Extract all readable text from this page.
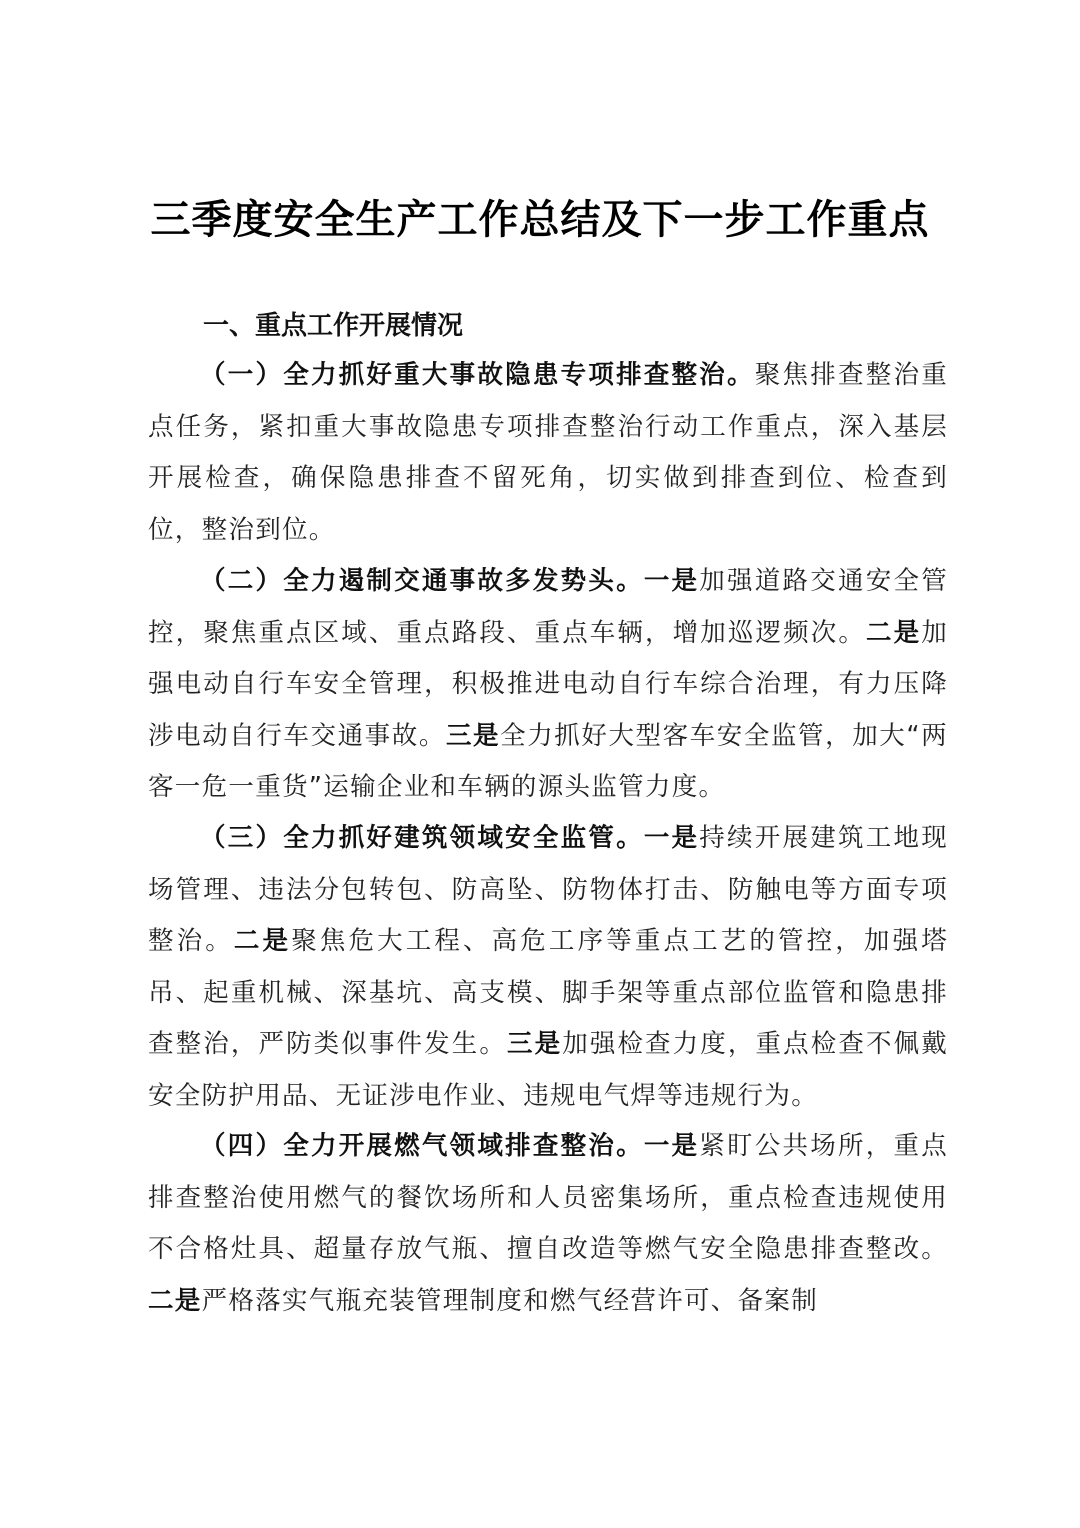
三季度安全生产工作总结及下一步工作重点
一、重点工作开展情况

（一）全力抓好重大事故隐患专项排查整治。聚焦排查整治重点任务，紧扣重大事故隐患专项排查整治行动工作重点，深入基层开展检查，确保隐患排查不留死角，切实做到排查到位、检查到位，整治到位。

（二）全力遏制交通事故多发势头。一是加强道路交通安全管控，聚焦重点区域、重点路段、重点车辆，增加巡逻频次。二是加强电动自行车安全管理，积极推进电动自行车综合治理，有力压降涉电动自行车交通事故。三是全力抓好大型客车安全监管，加大“两客一危一重货”运输企业和车辆的源头监管力度。

（三）全力抓好建筑领域安全监管。一是持续开展建筑工地现场管理、违法分包转包、防高坠、防物体打击、防触电等方面专项整治。二是聚焦危大工程、高危工序等重点工艺的管控，加强塔吊、起重机械、深基坑、高支模、脚手架等重点部位监管和隐患排查整治，严防类似事件发生。三是加强检查力度，重点检查不佩戴安全防护用品、无证涉电作业、违规电气焊等违规行为。

（四）全力开展燃气领域排查整治。一是紧盯公共场所，重点排查整治使用燃气的餐饮场所和人员密集场所，重点检查违规使用不合格灶具、超量存放气瓶、擅自改造等燃气安全隐患排查整改。二是严格落实气瓶充装管理制度和燃气经营许可、备案制
